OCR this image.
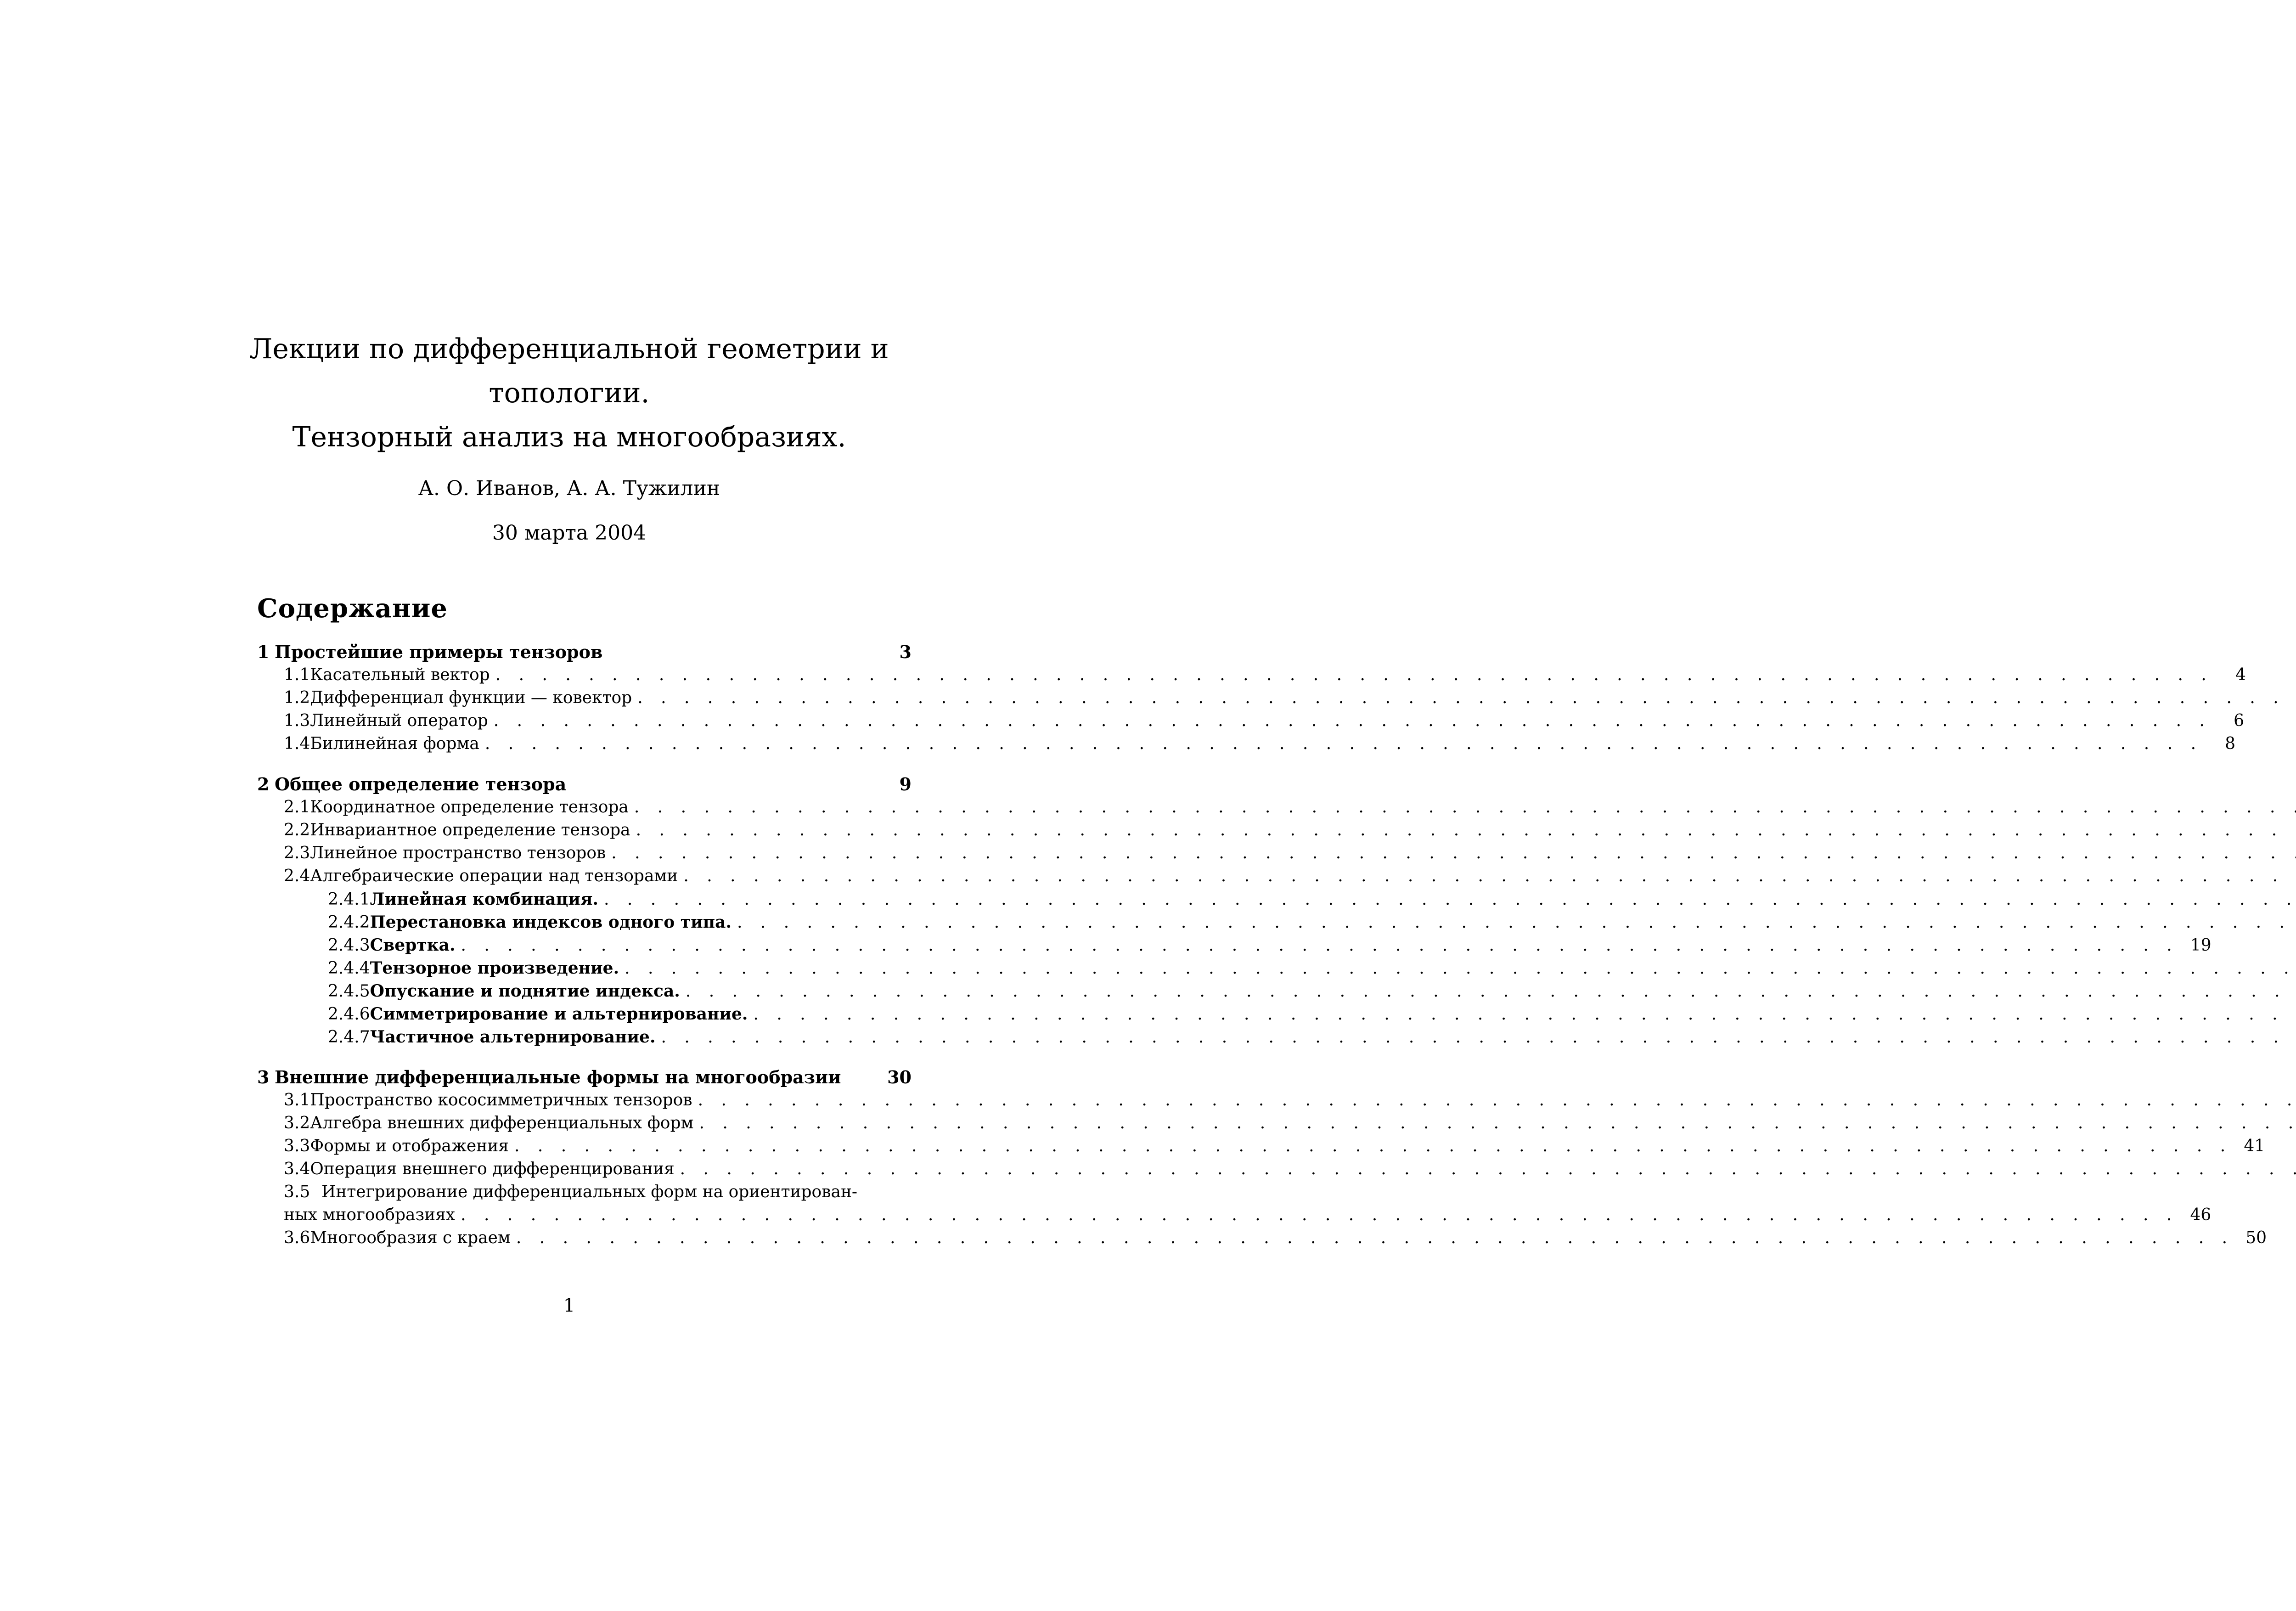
Лекции по дифференциальной геометрии и
топологии.
Тензорный анализ на многообразиях.
А. О. Иванов, А. А. Тужилин
30 марта 2004
Содержание
1 Простейшие примеры тензоров	3
1.1 Касательный вектор . . .	4
1.2 Дифференциал функции — ковектор
. . .
1.3 Линейный оператор . . .	6
1.4 Билинейная форма . . .	8
2 Общее определение тензора	9
2.1 Координатное определение тензора
. . .
2.2 Инвариантное определение тензора
. . .
2.3 Линейное пространство тензоров
. . .
2.4 Алгебраические операции над тензорами
. . .
2.4.1 Линейная комбинация.
. . .
2.4.2 Перестановка индексов одного типа.
. . .
2.4.3 Свертка. . . .	19
2.4.4 Тензорное произведение.
. . .
2.4.5 Опускание и поднятие индекса.
. . .
2.4.6 Симметрирование и альтернирование.
. . .
2.4.7 Частичное альтернирование.
. . .
3 Внешние дифференциальные формы на многообразии	30
3.1 Пространство кососимметричных тензоров
. . .
3.2 Алгебра внешних дифференциальных форм
. . .
3.3 Формы и отображения . . .	41
3.4 Операция внешнего дифференцирования
. . .
3.5 Интегрирование дифференциальных форм на ориентирован-
ных многообразиях . . .	46
3.6 Многообразия с краем . . .	50
1
